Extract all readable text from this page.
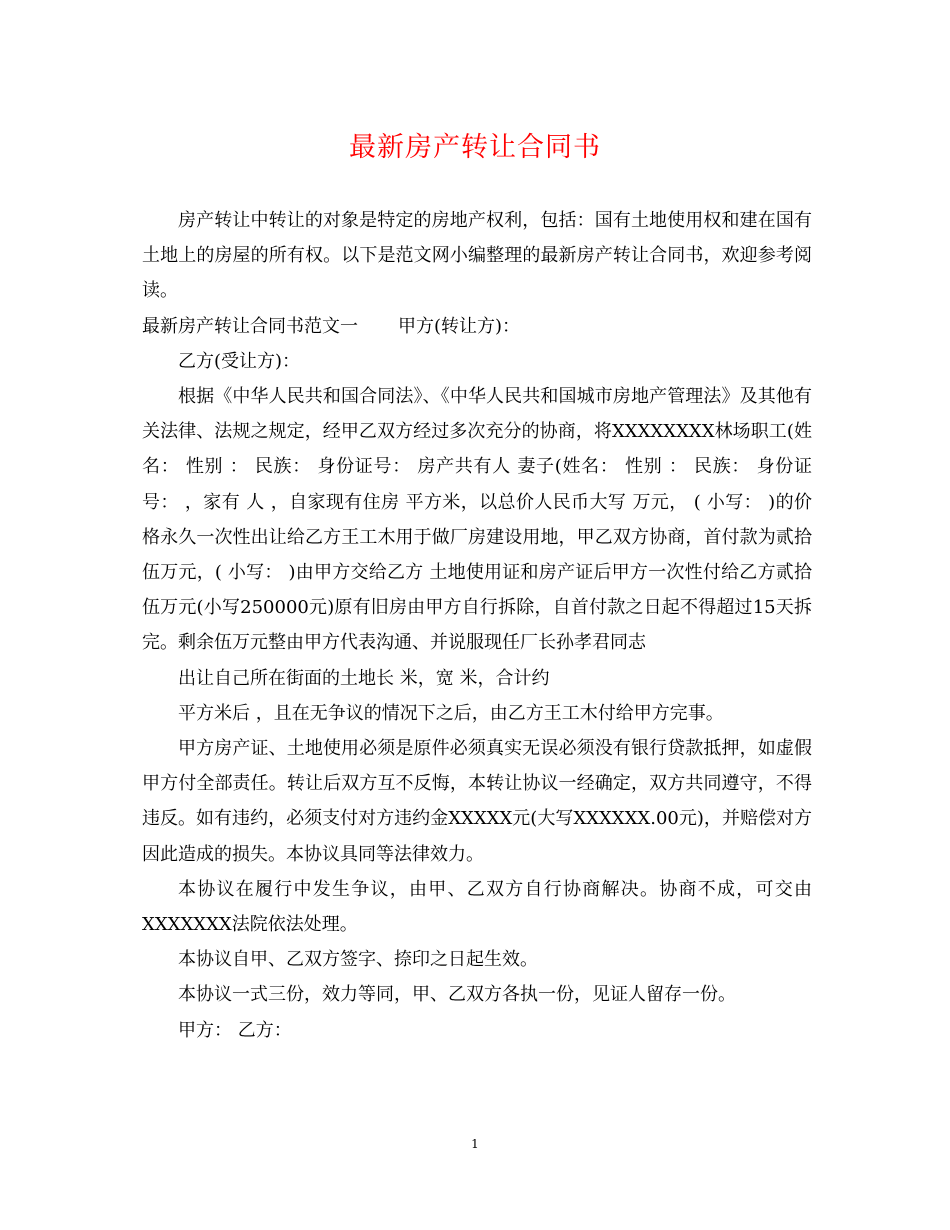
最新房产转让合同书

房产转让中转让的对象是特定的房地产权利，包括：国有土地使用权和建在国有土地上的房屋的所有权。以下是范文网小编整理的最新房产转让合同书，欢迎参考阅读。

最新房产转让合同书范文一 甲方(转让方)：

乙方(受让方)：

根据《中华人民共和国合同法》、《中华人民共和国城市房地产管理法》及其他有关法律、法规之规定，经甲乙双方经过多次充分的协商，将XXXXXXXX林场职工(姓名： 性别 ： 民族： 身份证号： 房产共有人 妻子(姓名： 性别 ： 民族： 身份证号： ，家有 人 ，自家现有住房 平方米，以总价人民币大写 万元， ( 小写： )的价格永久一次性出让给乙方王工木用于做厂房建设用地，甲乙双方协商，首付款为贰拾伍万元，( 小写： )由甲方交给乙方 土地使用证和房产证后甲方一次性付给乙方贰拾伍万元(小写250000元)原有旧房由甲方自行拆除，自首付款之日起不得超过15天拆完。剩余伍万元整由甲方代表沟通、并说服现任厂长孙孝君同志

出让自己所在街面的土地长 米，宽 米，合计约

平方米后 ，且在无争议的情况下之后，由乙方王工木付给甲方完事。

甲方房产证、土地使用必须是原件必须真实无误必须没有银行贷款抵押，如虚假甲方付全部责任。转让后双方互不反悔，本转让协议一经确定，双方共同遵守，不得违反。如有违约，必须支付对方违约金XXXXX元(大写XXXXXX.00元)，并赔偿对方因此造成的损失。本协议具同等法律效力。

本协议在履行中发生争议，由甲、乙双方自行协商解决。协商不成，可交由XXXXXXX法院依法处理。

本协议自甲、乙双方签字、捺印之日起生效。

本协议一式三份，效力等同，甲、乙双方各执一份，见证人留存一份。

甲方： 乙方：

1
